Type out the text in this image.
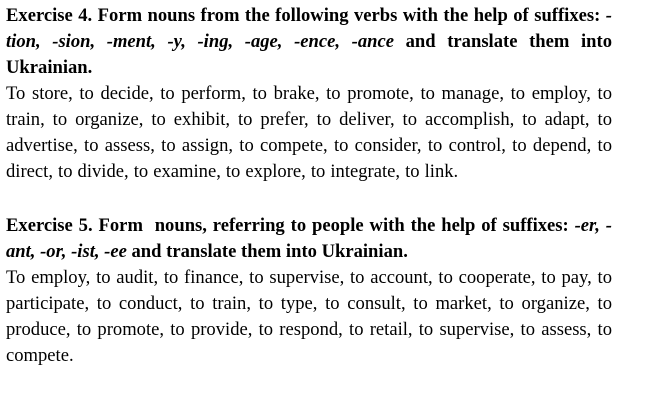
Exercise 4. Form nouns from the following verbs with the help of suffixes: -tion, -sion, -ment, -y, -ing, -age, -ence, -ance and translate them into Ukrainian.
To store, to decide, to perform, to brake, to promote, to manage, to employ, to train, to organize, to exhibit, to prefer, to deliver, to accomplish, to adapt, to advertise, to assess, to assign, to compete, to consider, to control, to depend, to direct, to divide, to examine, to explore, to integrate, to link.
Exercise 5. Form  nouns, referring to people with the help of suffixes: -er, -ant, -or, -ist, -ee and translate them into Ukrainian.
To employ, to audit, to finance, to supervise, to account, to cooperate, to pay, to participate, to conduct, to train, to type, to consult, to market, to organize, to produce, to promote, to provide, to respond, to retail, to supervise, to assess, to compete.
